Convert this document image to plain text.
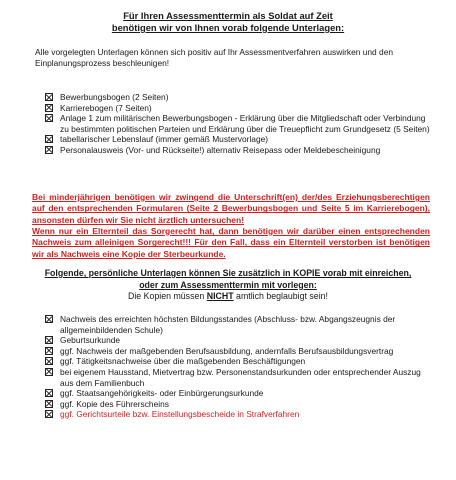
Für Ihren Assessmenttermin als Soldat auf Zeit
benötigen wir von Ihnen vorab folgende Unterlagen:
Alle vorgelegten Unterlagen können sich positiv auf Ihr Assessmentverfahren auswirken und den Einplanungsprozess beschleunigen!
Bewerbungsbogen (2 Seiten)
Karrierebogen (7 Seiten)
Anlage 1 zum militärischen Bewerbungsbogen - Erklärung über die Mitgliedschaft oder Verbindung zu bestimmten politischen Parteien und Erklärung über die Treuepflicht zum Grundgesetz (5 Seiten)
tabellarischer Lebenslauf (immer gemäß Mustervorlage)
Personalausweis (Vor- und Rückseite!) alternativ Reisepass oder Meldebescheinigung
Bei minderjährigen benötigen wir zwingend die Unterschrift(en) der/des Erziehungsberechtigen auf den entsprechenden Formularen (Seite 2 Bewerbungsbogen und Seite 5 im Karrierebogen), ansonsten dürfen wir Sie nicht ärztlich untersuchen!
Wenn nur ein Elternteil das Sorgerecht hat, dann benötigen wir darüber einen entsprechenden Nachweis zum alleinigen Sorgerecht!!! Für den Fall, dass ein Elternteil verstorben ist benötigen wir als Nachweis eine Kopie der Sterbeurkunde.
Folgende, persönliche Unterlagen können Sie zusätzlich in KOPIE vorab mit einreichen,
oder zum Assessmenttermin mit vorlegen:
Die Kopien müssen NICHT amtlich beglaubigt sein!
Nachweis des erreichten höchsten Bildungsstandes (Abschluss- bzw. Abgangszeugnis der allgemeinbildenden Schule)
Geburtsurkunde
ggf. Nachweis der maßgebenden Berufsausbildung, andernfalls Berufsausbildungsvertrag
ggf. Tätigkeitsnachweise über die maßgebenden Beschäftigungen
bei eigenem Hausstand, Mietvertrag bzw. Personenstandsurkunden oder entsprechender Auszug aus dem Familienbuch
ggf. Staatsangehörigkeits- oder Einbürgerungsurkunde
ggf. Kopie des Führerscheins
ggf. Gerichtsurteile bzw. Einstellungsbescheide in Strafverfahren
